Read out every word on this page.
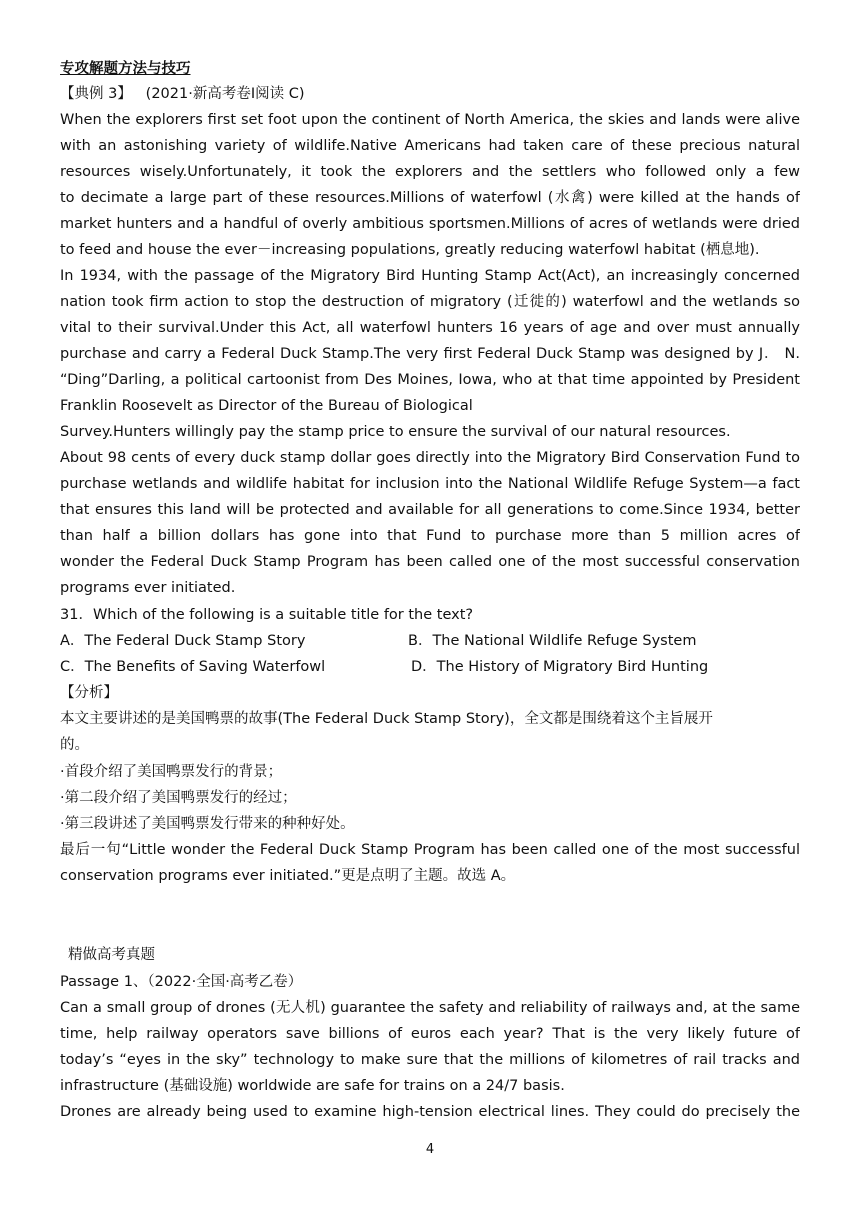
专攻解题方法与技巧
【典例 3】 (2021·新高考卷Ⅰ阅读 C)
When the explorers first set foot upon the continent of North America, the skies and lands were alive
with an astonishing variety of wildlife.Native Americans had taken care of these precious natural
resources wisely.Unfortunately, it took the explorers and the settlers who followed only a few
to decimate a large part of these resources.Millions of waterfowl (水禽) were killed at the hands of
market hunters and a handful of overly ambitious sportsmen.Millions of acres of wetlands were dried
to feed and house the ever－increasing populations, greatly reducing waterfowl habitat (栖息地).
In 1934, with the passage of the Migratory Bird Hunting Stamp Act(Act), an increasingly concerned
nation took firm action to stop the destruction of migratory (迁徙的) waterfowl and the wetlands so
vital to their survival.Under this Act, all waterfowl hunters 16 years of age and over must annually
purchase and carry a Federal Duck Stamp.The very first Federal Duck Stamp was designed by J． N.
“Ding”Darling, a political cartoonist from Des Moines, Iowa, who at that time appointed by President
Franklin Roosevelt as Director of the Bureau of Biological
Survey.Hunters willingly pay the stamp price to ensure the survival of our natural resources.
About 98 cents of every duck stamp dollar goes directly into the Migratory Bird Conservation Fund to
purchase wetlands and wildlife habitat for inclusion into the National Wildlife Refuge System—a fact
that ensures this land will be protected and available for all generations to come.Since 1934, better
than half a billion dollars has gone into that Fund to purchase more than 5 million acres of
wonder the Federal Duck Stamp Program has been called one of the most successful conservation
programs ever initiated.
31．Which of the following is a suitable title for the text?
A．The Federal Duck Stamp Story	B．The National Wildlife Refuge System
C．The Benefits of Saving Waterfowl	D．The History of Migratory Bird Hunting
【分析】
本文主要讲述的是美国鸭票的故事(The Federal Duck Stamp Story)，全文都是围绕着这个主旨展开
的。
·首段介绍了美国鸭票发行的背景；
·第二段介绍了美国鸭票发行的经过；
·第三段讲述了美国鸭票发行带来的种种好处。
最后一句“Little wonder the Federal Duck Stamp Program has been called one of the most successful
conservation programs ever initiated.”更是点明了主题。故选 A。
精做高考真题
Passage 1、（2022·全国·高考乙卷）
Can a small group of drones (无人机) guarantee the safety and reliability of railways and, at the same
time, help railway operators save billions of euros each year? That is the very likely future of
today’s “eyes in the sky” technology to make sure that the millions of kilometres of rail tracks and
infrastructure (基础设施) worldwide are safe for trains on a 24/7 basis.
Drones are already being used to examine high-tension electrical lines. They could do precisely the
4
